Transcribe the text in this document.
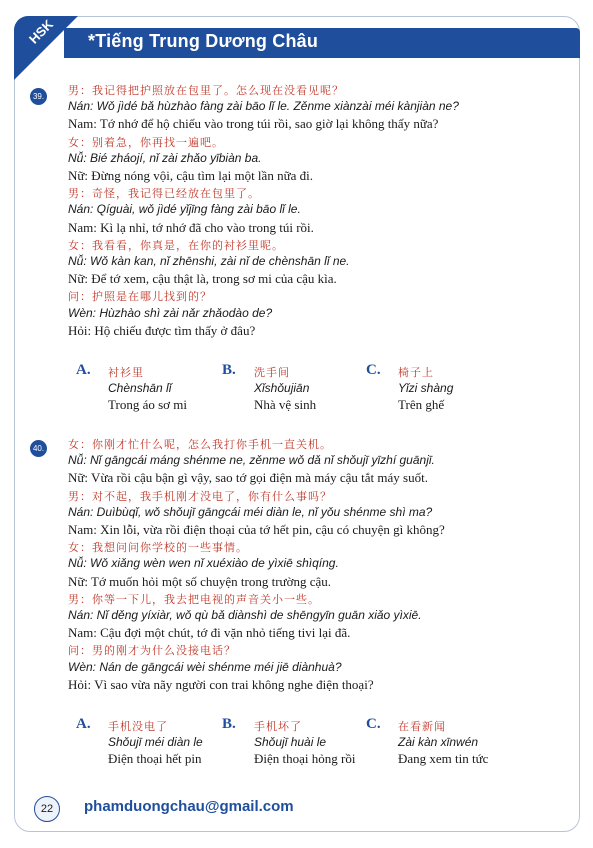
*Tiếng Trung Dương Châu
HSK
39. 男：我记得把护照放在包里了。怎么现在没看见呢？
Nán: Wǒ jìdé bǎ hùzhào fàng zài bāo lǐ le. Zěnme xiànzài méi kànjiàn ne?
Nam: Tớ nhớ để hộ chiếu vào trong túi rồi, sao giờ lại không thấy nữa?
女：别着急，你再找一遍吧。
Nǚ: Bié zháojí, nǐ zài zhǎo yībiàn ba.
Nữ: Đừng nóng vội, cậu tìm lại một lần nữa đi.
男：奇怪，我记得已经放在包里了。
Nán: Qíguài, wǒ jìdé yǐjīng fàng zài bāo lǐ le.
Nam: Kì lạ nhỉ, tớ nhớ đã cho vào trong túi rồi.
女：我看看，你真是，在你的衬衫里呢。
Nǚ: Wǒ kàn kan, nǐ zhēnshi, zài nǐ de chènshān lǐ ne.
Nữ: Để tớ xem, cậu thật là, trong sơ mi của cậu kìa.
问：护照是在哪儿找到的？
Wèn: Hùzhào shì zài nǎr zhǎodào de?
Hỏi: Hộ chiếu được tìm thấy ở đâu?
A. 衬衫里
Chènshān lǐ
Trong áo sơ mi
B. 洗手间
Xǐshǒujiān
Nhà vệ sinh
C. 椅子上
Yǐzi shàng
Trên ghế
40. 女：你刚才忙什么呢，怎么我打你手机一直关机。
Nǚ: Nǐ gāngcái máng shénme ne, zěnme wǒ dǎ nǐ shǒujī yīzhí guānjī.
Nữ: Vừa rồi cậu bận gì vậy, sao tớ gọi điện mà máy cậu tắt máy suốt.
男：对不起，我手机刚才没电了，你有什么事吗？
Nán: Duìbùqǐ, wǒ shǒujī gāngcái méi diàn le, nǐ yǒu shénme shì ma?
Nam: Xin lỗi, vừa rồi điện thoại của tớ hết pin, cậu có chuyện gì không?
女：我想问问你学校的一些事情。
Nǚ: Wǒ xiǎng wèn wen nǐ xuéxiào de yìxiē shìqíng.
Nữ: Tớ muốn hỏi một số chuyện trong trường cậu.
男：你等一下儿，我去把电视的声音关小一些。
Nán: Nǐ děng yíxiàr, wǒ qù bǎ diànshì de shēngyīn guān xiǎo yìxiē.
Nam: Cậu đợi một chút, tớ đi vặn nhỏ tiếng tivi lại đã.
问：男的刚才为什么没接电话？
Wèn: Nán de gāngcái wèi shénme méi jiē diànhuà?
Hỏi: Vì sao vừa nãy người con trai không nghe điện thoại?
A. 手机没电了
Shǒujī méi diàn le
Điện thoại hết pin
B. 手机坏了
Shǒujī huài le
Điện thoại hỏng rồi
C. 在看新闻
Zài kàn xīnwén
Đang xem tin tức
22	phamduongchau@gmail.com
